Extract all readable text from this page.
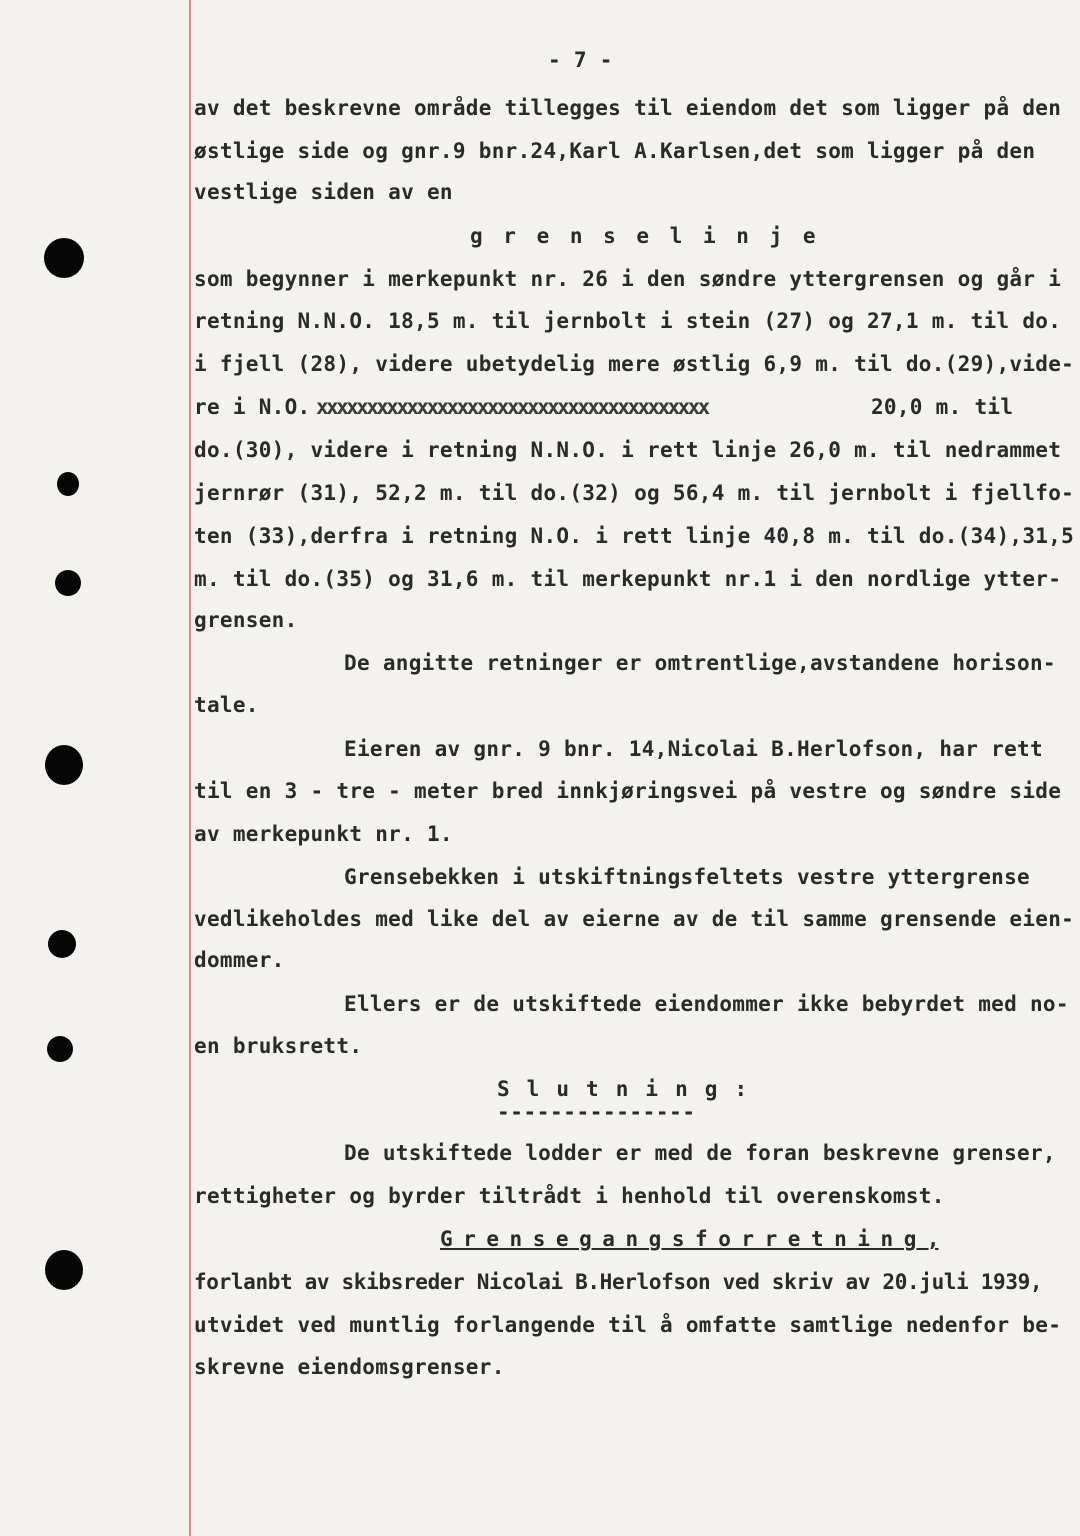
- 7 -
av det beskrevne område tillegges til eiendom det som ligger på den
østlige side og gnr.9 bnr.24,Karl A.Karlsen,det som ligger på den
vestlige siden av en
g r e n s e l i n j e
som begynner i merkepunkt nr. 26 i den søndre yttergrensen og går i
retning N.N.O. 18,5 m. til jernbolt i stein (27) og 27,1 m. til do.
i fjell (28), videre ubetydelig mere østlig 6,9 m. til do.(29),vide-
re i N.O.
xxxxxxxxxxxxxxxxxxxxxxxxxxxxxxxxxxxxxxx	20,0 m. til
do.(30), videre i retning N.N.O. i rett linje 26,0 m. til nedrammet
jernrør (31), 52,2 m. til do.(32) og 56,4 m. til jernbolt i fjellfo-
ten (33),derfra i retning N.O. i rett linje 40,8 m. til do.(34),31,5
m. til do.(35) og 31,6 m. til merkepunkt nr.1 i den nordlige ytter-
grensen.
De angitte retninger er omtrentlige,avstandene horison-
tale.
Eieren av gnr. 9 bnr. 14,Nicolai B.Herlofson, har rett
til en 3 - tre - meter bred innkjøringsvei på vestre og søndre side
av merkepunkt nr. 1.
Grensebekken i utskiftningsfeltets vestre yttergrense
vedlikeholdes med like del av eierne av de til samme grensende eien-
dommer.
Ellers er de utskiftede eiendommer ikke bebyrdet med no-
en bruksrett.
S l u t n i n g :
---------------
De utskiftede lodder er med de foran beskrevne grenser,
rettigheter og byrder tiltrådt i henhold til overenskomst.
G r e n s e g a n g s f o r r e t n i n g ,
forlanbt av skibsreder Nicolai B.Herlofson ved skriv av 20.juli 1939,
utvidet ved muntlig forlangende til å omfatte samtlige nedenfor be-
skrevne eiendomsgrenser.
